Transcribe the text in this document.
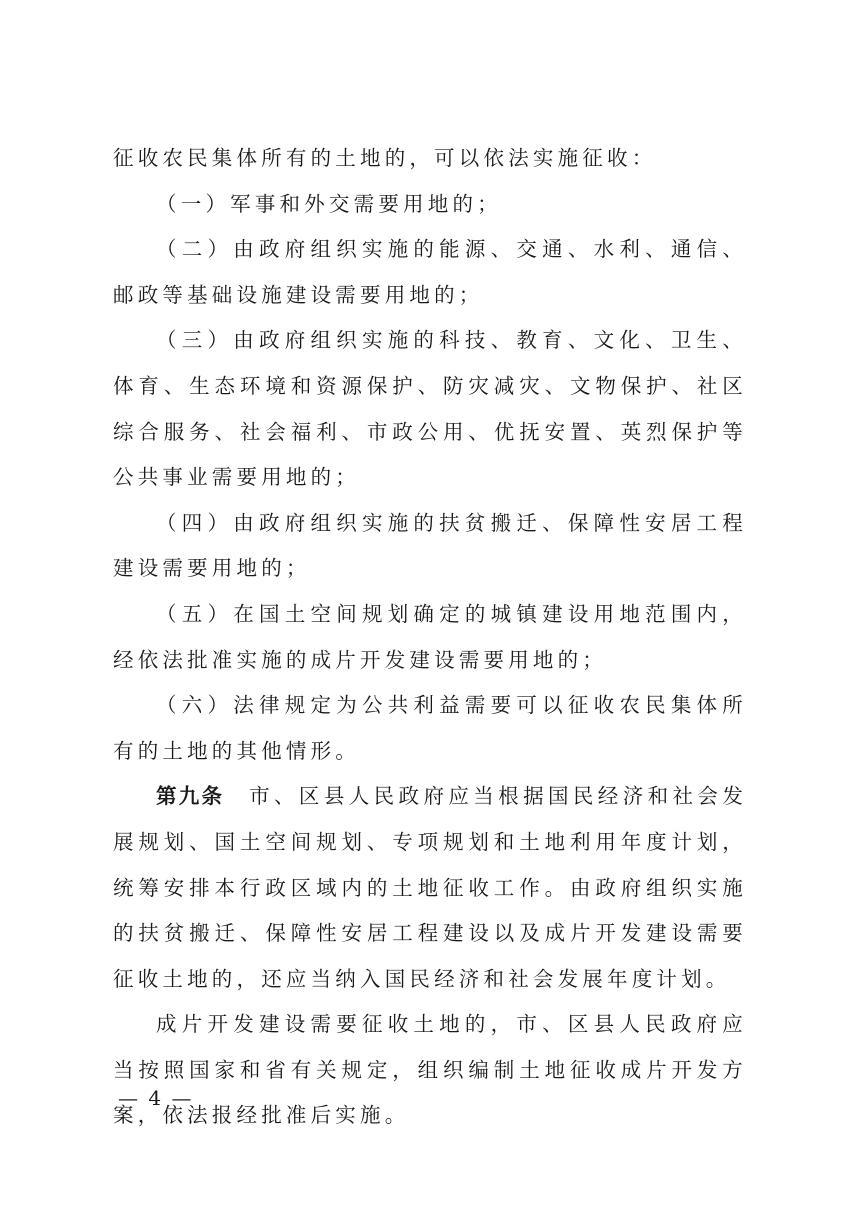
征收农民集体所有的土地的，可以依法实施征收：

（一）军事和外交需要用地的；

（二）由政府组织实施的能源、交通、水利、通信、邮政等基础设施建设需要用地的；

（三）由政府组织实施的科技、教育、文化、卫生、体育、生态环境和资源保护、防灾减灾、文物保护、社区综合服务、社会福利、市政公用、优抚安置、英烈保护等公共事业需要用地的；

（四）由政府组织实施的扶贫搬迁、保障性安居工程建设需要用地的；

（五）在国土空间规划确定的城镇建设用地范围内，经依法批准实施的成片开发建设需要用地的；

（六）法律规定为公共利益需要可以征收农民集体所有的土地的其他情形。

第九条　 市、区县人民政府应当根据国民经济和社会发展规划、国土空间规划、专项规划和土地利用年度计划，统筹安排本行政区域内的土地征收工作。由政府组织实施的扶贫搬迁、保障性安居工程建设以及成片开发建设需要征收土地的，还应当纳入国民经济和社会发展年度计划。

成片开发建设需要征收土地的，市、区县人民政府应当按照国家和省有关规定，组织编制土地征收成片开发方案，依法报经批准后实施。

— 4 —
